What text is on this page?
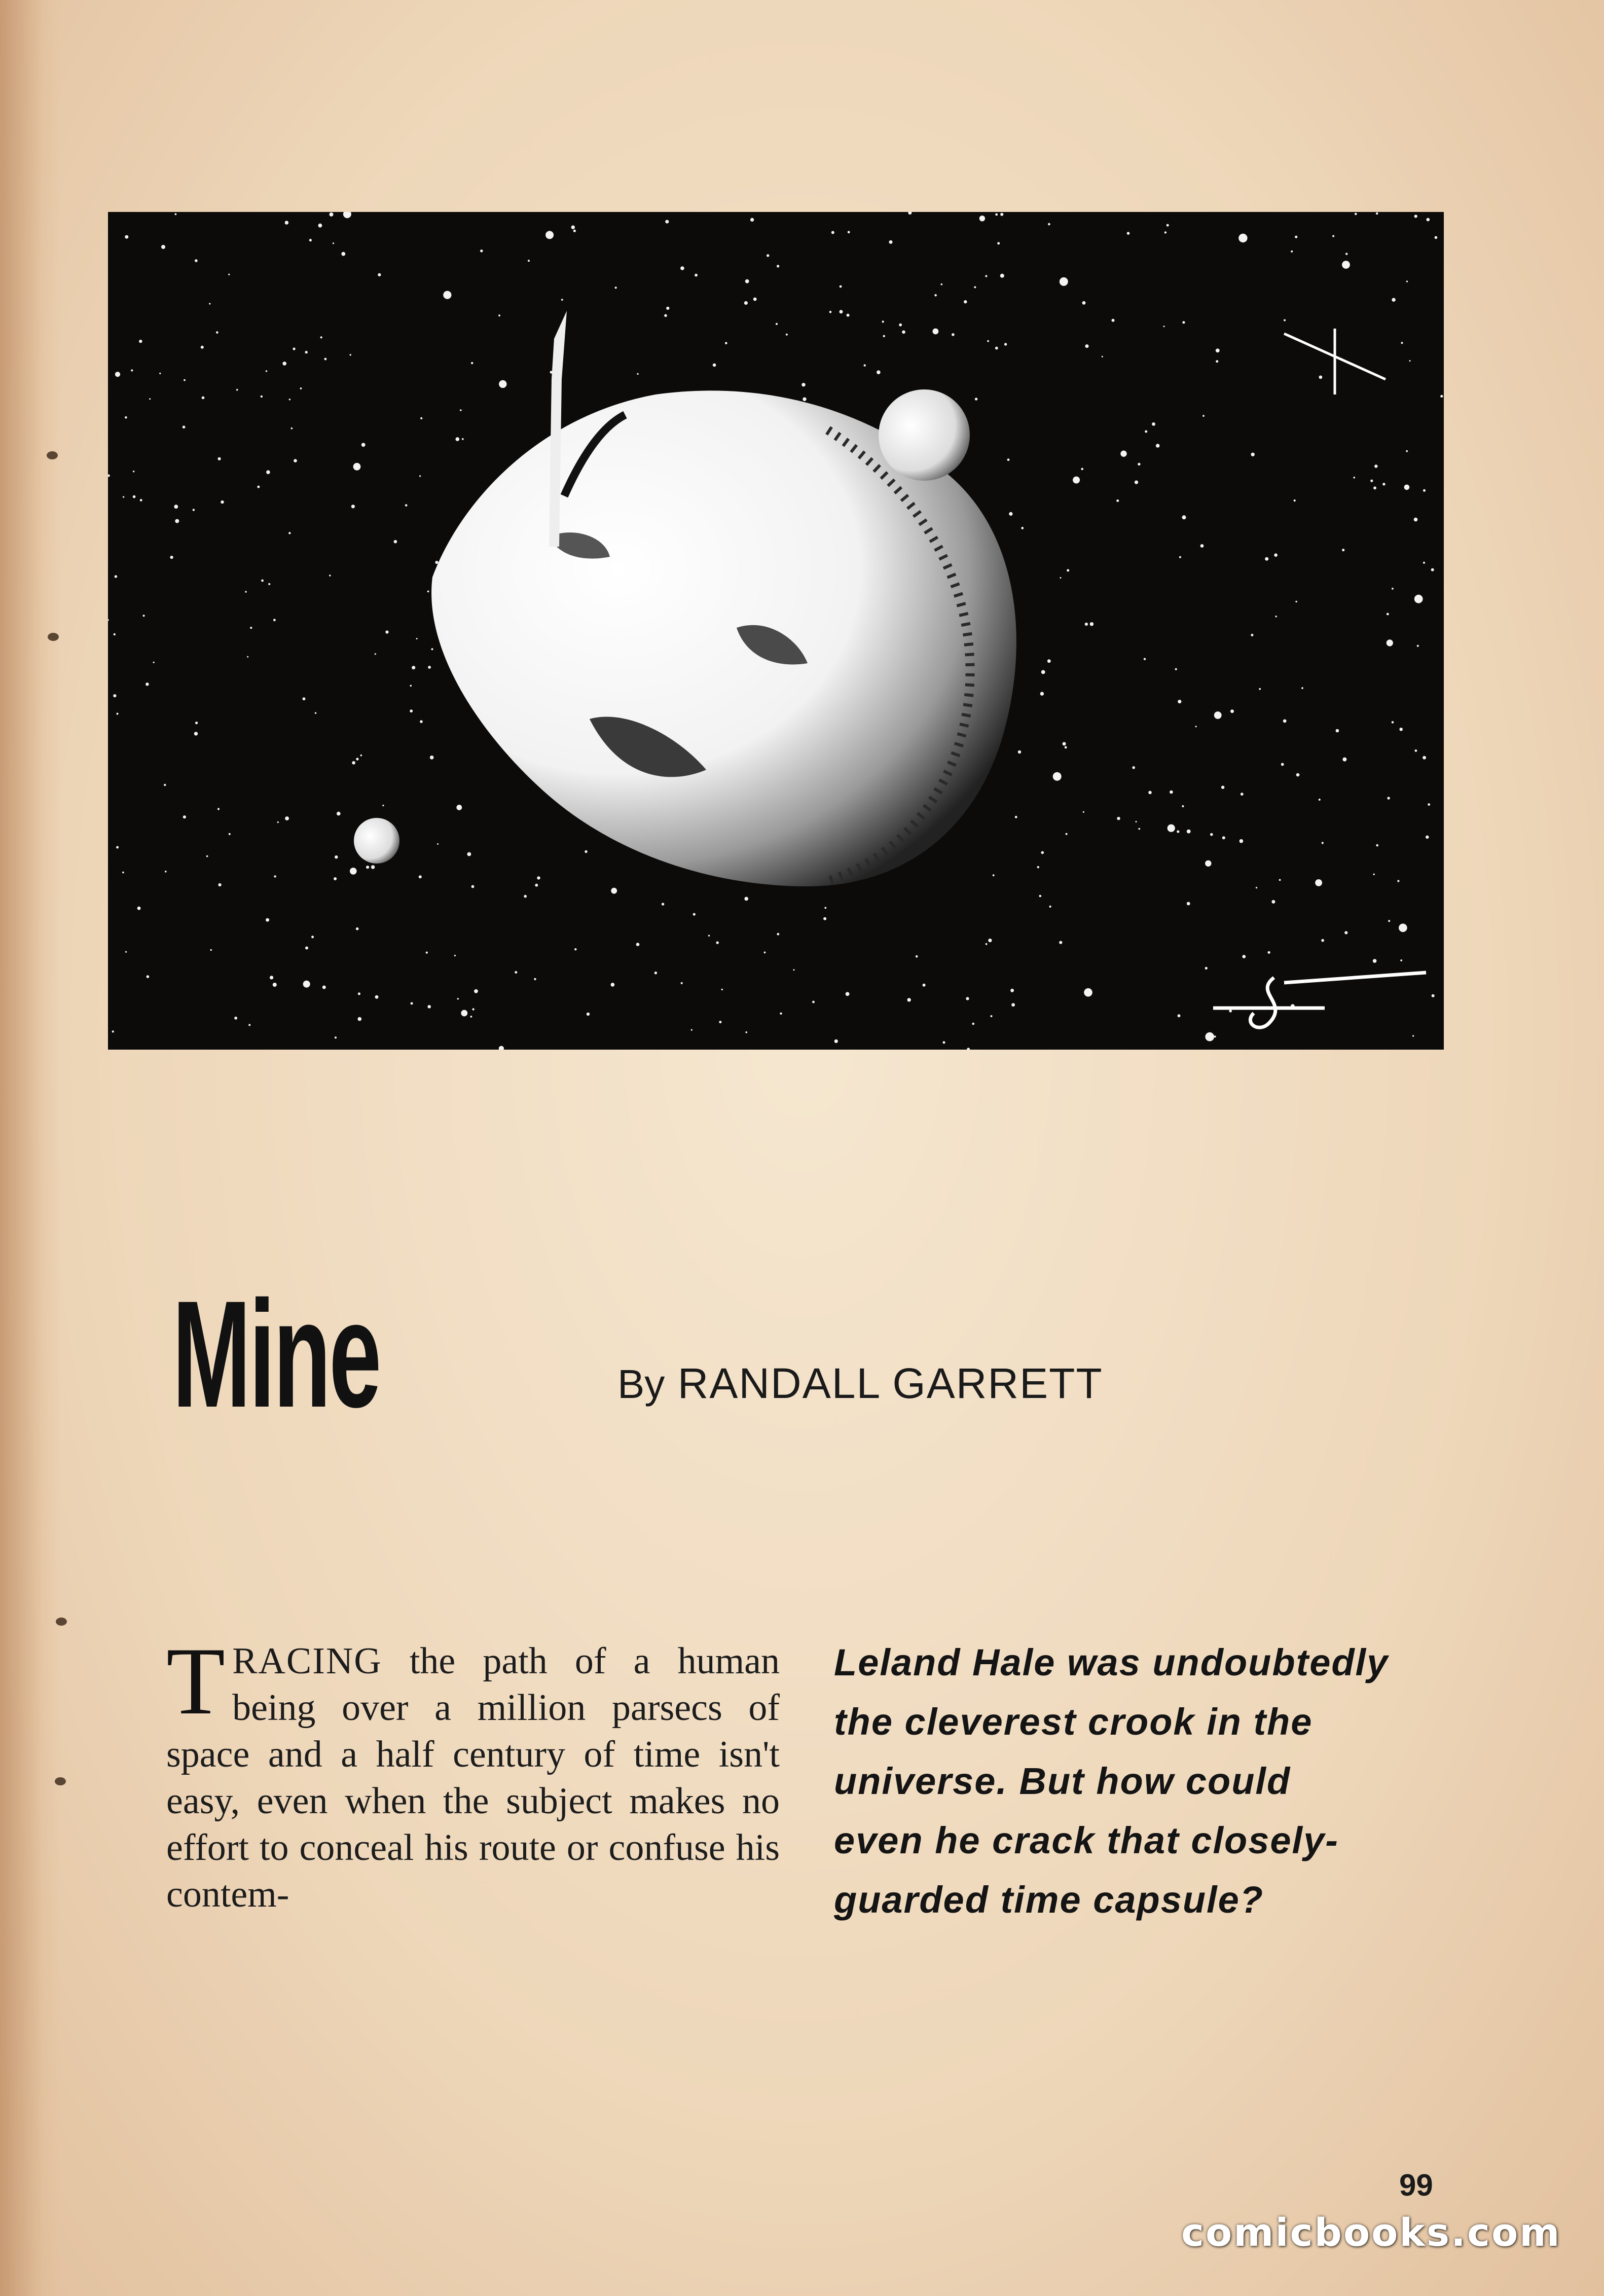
Mine	By RANDALL GARRETT
TRACING the path of a human being over a million parsecs of space and a half century of time isn't easy, even when the subject makes no effort to conceal his route or confuse his contem-
Leland Hale was undoubtedly
the cleverest crook in the
universe. But how could
even he crack that closely-
guarded time capsule?
99
comicbooks.com
